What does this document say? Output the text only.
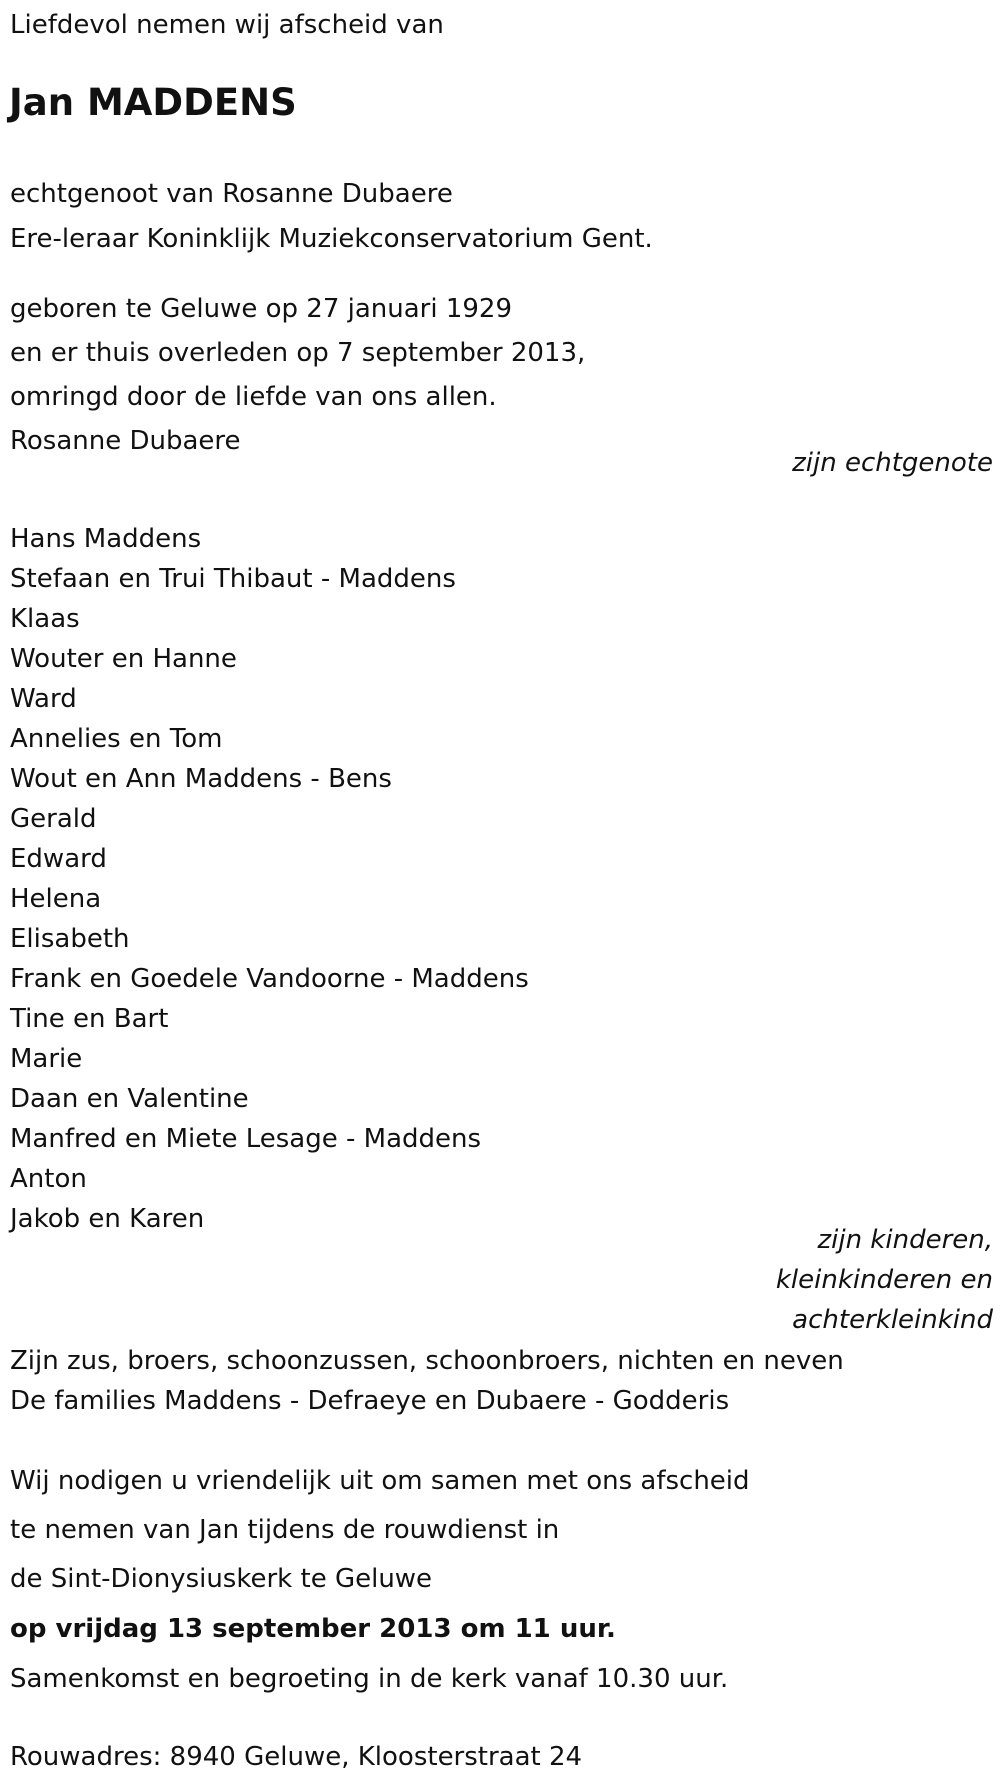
Liefdevol nemen wij afscheid van

Jan MADDENS

echtgenoot van Rosanne Dubaere

Ere-leraar Koninklijk Muziekconservatorium Gent.

geboren te Geluwe op 27 januari 1929

en er thuis overleden op 7 september 2013,

omringd door de liefde van ons allen.

Rosanne Dubaere

zijn echtgenote

Hans Maddens
Stefaan en Trui Thibaut - Maddens
Klaas
Wouter en Hanne
Ward
Annelies en Tom
Wout en Ann Maddens - Bens
Gerald
Edward
Helena
Elisabeth
Frank en Goedele Vandoorne - Maddens
Tine en Bart
Marie
Daan en Valentine
Manfred en Miete Lesage - Maddens
Anton
Jakob en Karen
zijn kinderen,
kleinkinderen en
achterkleinkind

Zijn zus, broers, schoonzussen, schoonbroers, nichten en neven

De families Maddens - Defraeye en Dubaere - Godderis

Wij nodigen u vriendelijk uit om samen met ons afscheid

te nemen van Jan tijdens de rouwdienst in

de Sint-Dionysiuskerk te Geluwe

op vrijdag 13 september 2013 om 11 uur.

Samenkomst en begroeting in de kerk vanaf 10.30 uur.

Rouwadres: 8940 Geluwe, Kloosterstraat 24
